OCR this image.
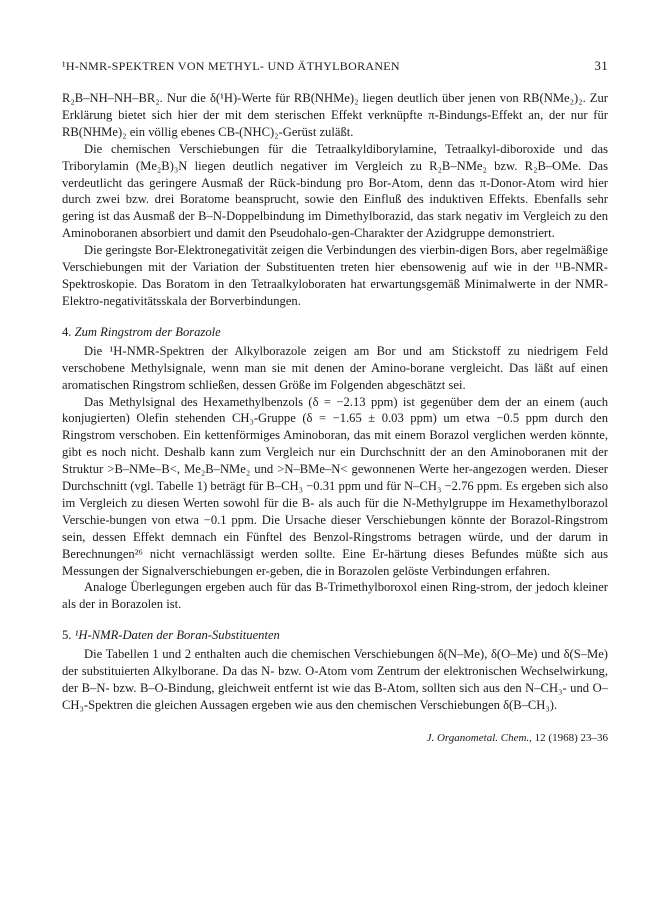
¹H-NMR-SPEKTREN VON METHYL- UND ÄTHYLBORANEN	31

R₂B–NH–NH–BR₂. Nur die δ(¹H)-Werte für RB(NHMe)₂ liegen deutlich über jenen von RB(NMe₂)₂. Zur Erklärung bietet sich hier der mit dem sterischen Effekt verknüpfte π-Bindungs-Effekt an, der nur für RB(NHMe)₂ ein völlig ebenes CB-(NHC)₂-Gerüst zuläßt.

Die chemischen Verschiebungen für die Tetraalkyldiborylamine, Tetraalkyl-diboroxide und das Triborylamin (Me₂B)₃N liegen deutlich negativer im Vergleich zu R₂B–NMe₂ bzw. R₂B–OMe. Das verdeutlicht das geringere Ausmaß der Rück-bindung pro Bor-Atom, denn das π-Donor-Atom wird hier durch zwei bzw. drei Boratome beansprucht, sowie den Einfluß des induktiven Effekts. Ebenfalls sehr gering ist das Ausmaß der B–N-Doppelbindung im Dimethylborazid, das stark negativ im Vergleich zu den Aminoboranen absorbiert und damit den Pseudohalo-gen-Charakter der Azidgruppe demonstriert.

Die geringste Bor-Elektronegativität zeigen die Verbindungen des vierbin-digen Bors, aber regelmäßige Verschiebungen mit der Variation der Substituenten treten hier ebensowenig auf wie in der ¹¹B-NMR-Spektroskopie. Das Boratom in den Tetraalkyloboraten hat erwartungsgemäß Minimalwerte in der NMR-Elektro-negativitätsskala der Borverbindungen.

4. Zum Ringstrom der Borazole

Die ¹H-NMR-Spektren der Alkylborazole zeigen am Bor und am Stickstoff zu niedrigem Feld verschobene Methylsignale, wenn man sie mit denen der Amino-borane vergleicht. Das läßt auf einen aromatischen Ringstrom schließen, dessen Größe im Folgenden abgeschätzt sei.

Das Methylsignal des Hexamethylbenzols (δ = −2.13 ppm) ist gegenüber dem der an einem (auch konjugierten) Olefin stehenden CH₃-Gruppe (δ = −1.65 ± 0.03 ppm) um etwa −0.5 ppm durch den Ringstrom verschoben. Ein kettenförmiges Aminoboran, das mit einem Borazol verglichen werden könnte, gibt es noch nicht. Deshalb kann zum Vergleich nur ein Durchschnitt der an den Aminoboranen mit der Struktur >B–NMe–B<, Me₂B–NMe₂ und >N–BMe–N< gewonnenen Werte her-angezogen werden. Dieser Durchschnitt (vgl. Tabelle 1) beträgt für B–CH₃ −0.31 ppm und für N–CH₃ −2.76 ppm. Es ergeben sich also im Vergleich zu diesen Werten sowohl für die B- als auch für die N-Methylgruppe im Hexamethylborazol Verschie-bungen von etwa −0.1 ppm. Die Ursache dieser Verschiebungen könnte der Borazol-Ringstrom sein, dessen Effekt demnach ein Fünftel des Benzol-Ringstroms betragen würde, und der darum in Berechnungen²⁶ nicht vernachlässigt werden sollte. Eine Er-härtung dieses Befundes müßte sich aus Messungen der Signalverschiebungen er-geben, die in Borazolen gelöste Verbindungen erfahren.

Analoge Überlegungen ergeben auch für das B-Trimethylboroxol einen Ring-strom, der jedoch kleiner als der in Borazolen ist.

5. ¹H-NMR-Daten der Boran-Substituenten

Die Tabellen 1 und 2 enthalten auch die chemischen Verschiebungen δ(N–Me), δ(O–Me) und δ(S–Me) der substituierten Alkylborane. Da das N- bzw. O-Atom vom Zentrum der elektronischen Wechselwirkung, der B–N- bzw. B–O-Bindung, gleichweit entfernt ist wie das B-Atom, sollten sich aus den N–CH₃- und O–CH₃-Spektren die gleichen Aussagen ergeben wie aus den chemischen Verschiebungen δ(B–CH₃).

J. Organometal. Chem., 12 (1968) 23–36
